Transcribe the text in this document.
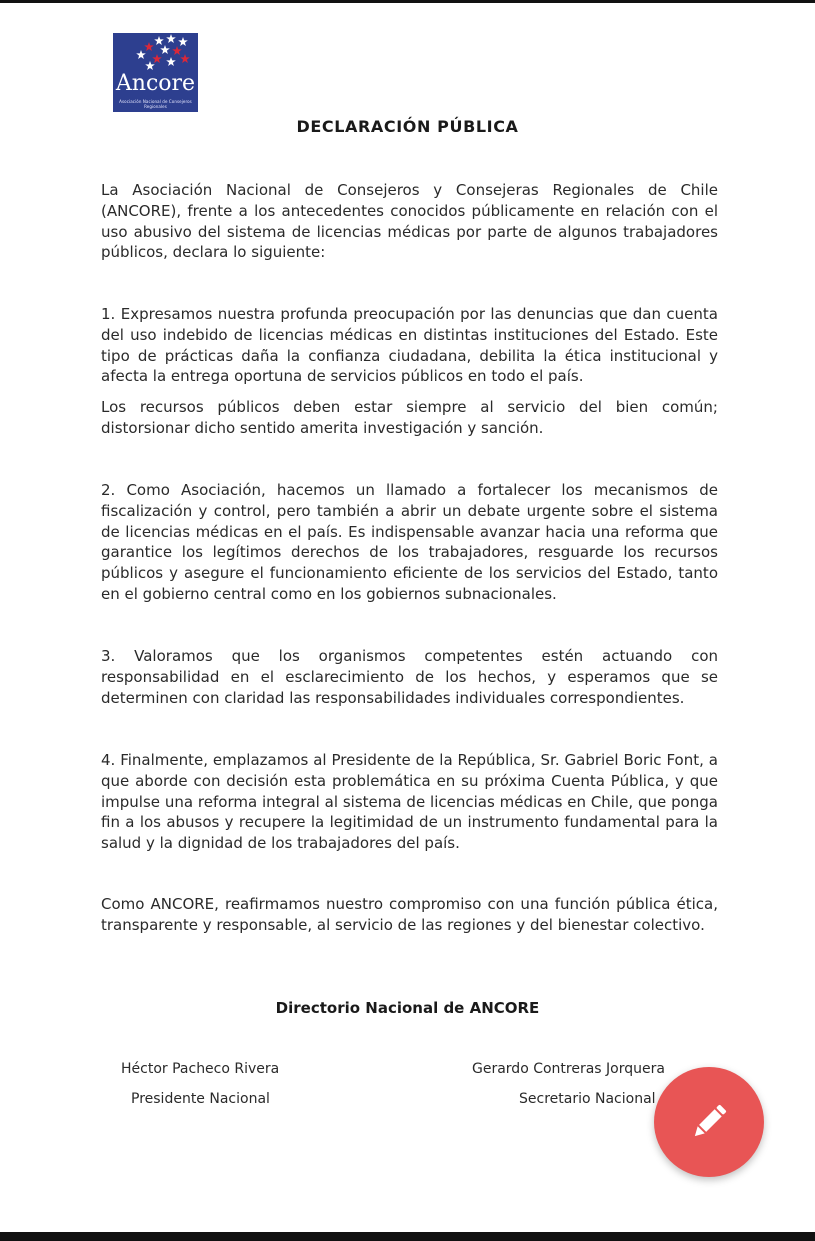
Ancore
Asociación Nacional de Consejeros Regionales
DECLARACIÓN PÚBLICA

La Asociación Nacional de Consejeros y Consejeras Regionales de Chile (ANCORE), frente a los antecedentes conocidos públicamente en relación con el uso abusivo del sistema de licencias médicas por parte de algunos trabajadores públicos, declara lo siguiente:

1. Expresamos nuestra profunda preocupación por las denuncias que dan cuenta del uso indebido de licencias médicas en distintas instituciones del Estado. Este tipo de prácticas daña la confianza ciudadana, debilita la ética institucional y afecta la entrega oportuna de servicios públicos en todo el país.

Los recursos públicos deben estar siempre al servicio del bien común; distorsionar dicho sentido amerita investigación y sanción.

2. Como Asociación, hacemos un llamado a fortalecer los mecanismos de fiscalización y control, pero también a abrir un debate urgente sobre el sistema de licencias médicas en el país. Es indispensable avanzar hacia una reforma que garantice los legítimos derechos de los trabajadores, resguarde los recursos públicos y asegure el funcionamiento eficiente de los servicios del Estado, tanto en el gobierno central como en los gobiernos subnacionales.

3. Valoramos que los organismos competentes estén actuando con responsabilidad en el esclarecimiento de los hechos, y esperamos que se determinen con claridad las responsabilidades individuales correspondientes.

4. Finalmente, emplazamos al Presidente de la República, Sr. Gabriel Boric Font, a que aborde con decisión esta problemática en su próxima Cuenta Pública, y que impulse una reforma integral al sistema de licencias médicas en Chile, que ponga fin a los abusos y recupere la legitimidad de un instrumento fundamental para la salud y la dignidad de los trabajadores del país.

Como ANCORE, reafirmamos nuestro compromiso con una función pública ética, transparente y responsable, al servicio de las regiones y del bienestar colectivo.

Directorio Nacional de ANCORE
Héctor Pacheco Rivera
Presidente Nacional
Gerardo Contreras Jorquera
Secretario Nacional
